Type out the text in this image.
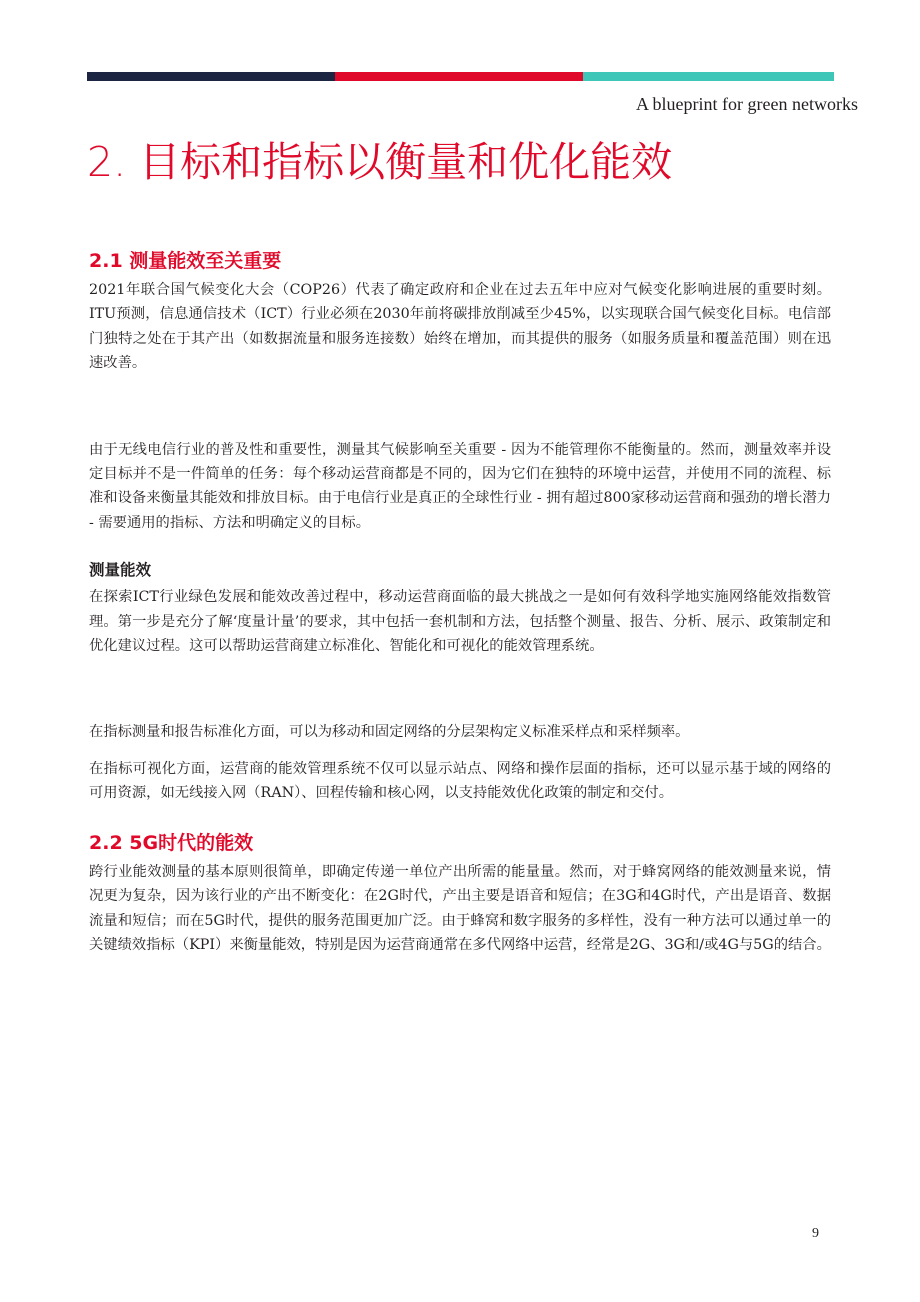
A blueprint for green networks
2. 目标和指标以衡量和优化能效
2.1 测量能效至关重要

2021年联合国气候变化大会（COP26）代表了确定政府和企业在过去五年中应对气候变化影响进展的重要时刻。ITU预测，信息通信技术（ICT）行业必须在2030年前将碳排放削减至少45%，以实现联合国气候变化目标。电信部门独特之处在于其产出（如数据流量和服务连接数）始终在增加，而其提供的服务（如服务质量和覆盖范围）则在迅速改善。

由于无线电信行业的普及性和重要性，测量其气候影响至关重要 - 因为不能管理你不能衡量的。然而，测量效率并设定目标并不是一件简单的任务：每个移动运营商都是不同的，因为它们在独特的环境中运营，并使用不同的流程、标准和设备来衡量其能效和排放目标。由于电信行业是真正的全球性行业 - 拥有超过800家移动运营商和强劲的增长潜力 - 需要通用的指标、方法和明确定义的目标。

测量能效

在探索ICT行业绿色发展和能效改善过程中，移动运营商面临的最大挑战之一是如何有效科学地实施网络能效指数管理。第一步是充分了解‘度量计量’的要求，其中包括一套机制和方法，包括整个测量、报告、分析、展示、政策制定和优化建议过程。这可以帮助运营商建立标准化、智能化和可视化的能效管理系统。

在指标测量和报告标准化方面，可以为移动和固定网络的分层架构定义标准采样点和采样频率。

在指标可视化方面，运营商的能效管理系统不仅可以显示站点、网络和操作层面的指标，还可以显示基于域的网络的可用资源，如无线接入网（RAN）、回程传输和核心网，以支持能效优化政策的制定和交付。

2.2 5G时代的能效

跨行业能效测量的基本原则很简单，即确定传递一单位产出所需的能量量。然而，对于蜂窝网络的能效测量来说，情况更为复杂，因为该行业的产出不断变化：在2G时代，产出主要是语音和短信；在3G和4G时代，产出是语音、数据流量和短信；而在5G时代，提供的服务范围更加广泛。由于蜂窝和数字服务的多样性，没有一种方法可以通过单一的关键绩效指标（KPI）来衡量能效，特别是因为运营商通常在多代网络中运营，经常是2G、3G和/或4G与5G的结合。

9
